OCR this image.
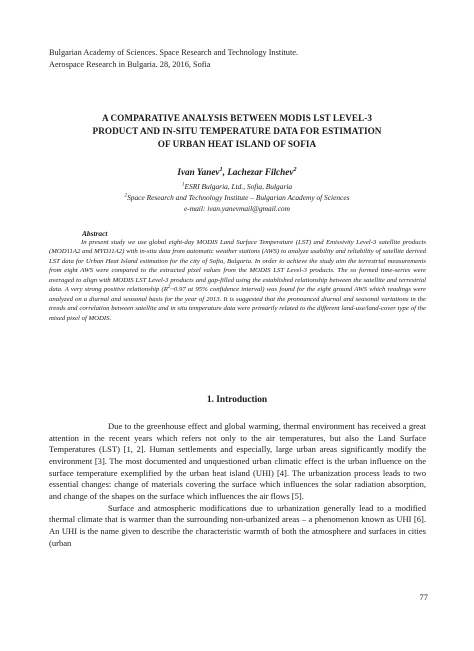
Bulgarian Academy of Sciences. Space Research and Technology Institute.
Aerospace Research in Bulgaria. 28, 2016, Sofia
A COMPARATIVE ANALYSIS BETWEEN MODIS LST LEVEL-3
PRODUCT AND IN-SITU TEMPERATURE DATA FOR ESTIMATION
OF URBAN HEAT ISLAND OF SOFIA
Ivan Yanev$^1$, Lachezar Filchev$^2$
$^1$ESRI Bulgaria, Ltd., Sofia, Bulgaria
$^2$Space Research and Technology Institute – Bulgarian Academy of Sciences
e-mail: ivan.yanevmail@gmail.com
Abstract
In present study we use global eight-day MODIS Land Surface Temperature (LST) and Emissivity Level-3 satellite products (MOD11A2 and MYD11A2) with in-situ data from automatic weather stations (AWS) to analyze usability and reliability of satellite derived LST data for Urban Heat Island estimation for the city of Sofia, Bulgaria. In order to achieve the study aim the terrestrial measurements from eight AWS were compared to the extracted pixel values from the MODIS LST Level-3 products. The so formed time-series were averaged to align with MODIS LST Level-3 products and gap-filled using the established relationship between the satellite and terrestrial data. A very strong positive relationship ($R^2\sim 0.97$ at 95% confidence interval) was found for the eight ground AWS which readings were analyzed on a diurnal and seasonal basis for the year of 2013. It is suggested that the pronounced diurnal and seasonal variations in the trends and correlation between satellite and in situ temperature data were primarily related to the different land-use/land-cover type of the mixed pixel of MODIS.
1. Introduction

Due to the greenhouse effect and global warming, thermal environment has received a great attention in the recent years which refers not only to the air temperatures, but also the Land Surface Temperatures (LST) [1, 2]. Human settlements and especially, large urban areas significantly modify the environment [3]. The most documented and unquestioned urban climatic effect is the urban influence on the surface temperature exemplified by the urban heat island (UHI) [4]. The urbanization process leads to two essential changes: change of materials covering the surface which influences the solar radiation absorption, and change of the shapes on the surface which influences the air flows [5].

Surface and atmospheric modifications due to urbanization generally lead to a modified thermal climate that is warmer than the surrounding non-urbanized areas – a phenomenon known as UHI [6]. An UHI is the name given to describe the characteristic warmth of both the atmosphere and surfaces in cities (urban

77
